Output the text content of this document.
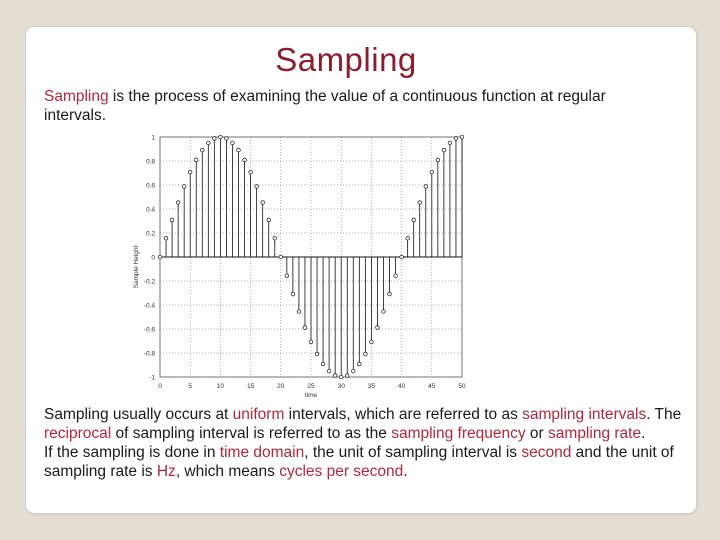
Sampling
Sampling is the process of examining the value of a continuous function at regular intervals.
Sampling usually occurs at uniform intervals, which are referred to as sampling intervals. The reciprocal of sampling interval is referred to as the sampling frequency or sampling rate.
If the sampling is done in time domain, the unit of sampling interval is second and the unit of sampling rate is Hz, which means cycles per second.
0	5	10	15	20	25	30	35	40	45	50
1
0.8
0.6
0.4
0.2
0
-0.2
-0.4
-0.6
-0.8
-1
time
Sample Height
